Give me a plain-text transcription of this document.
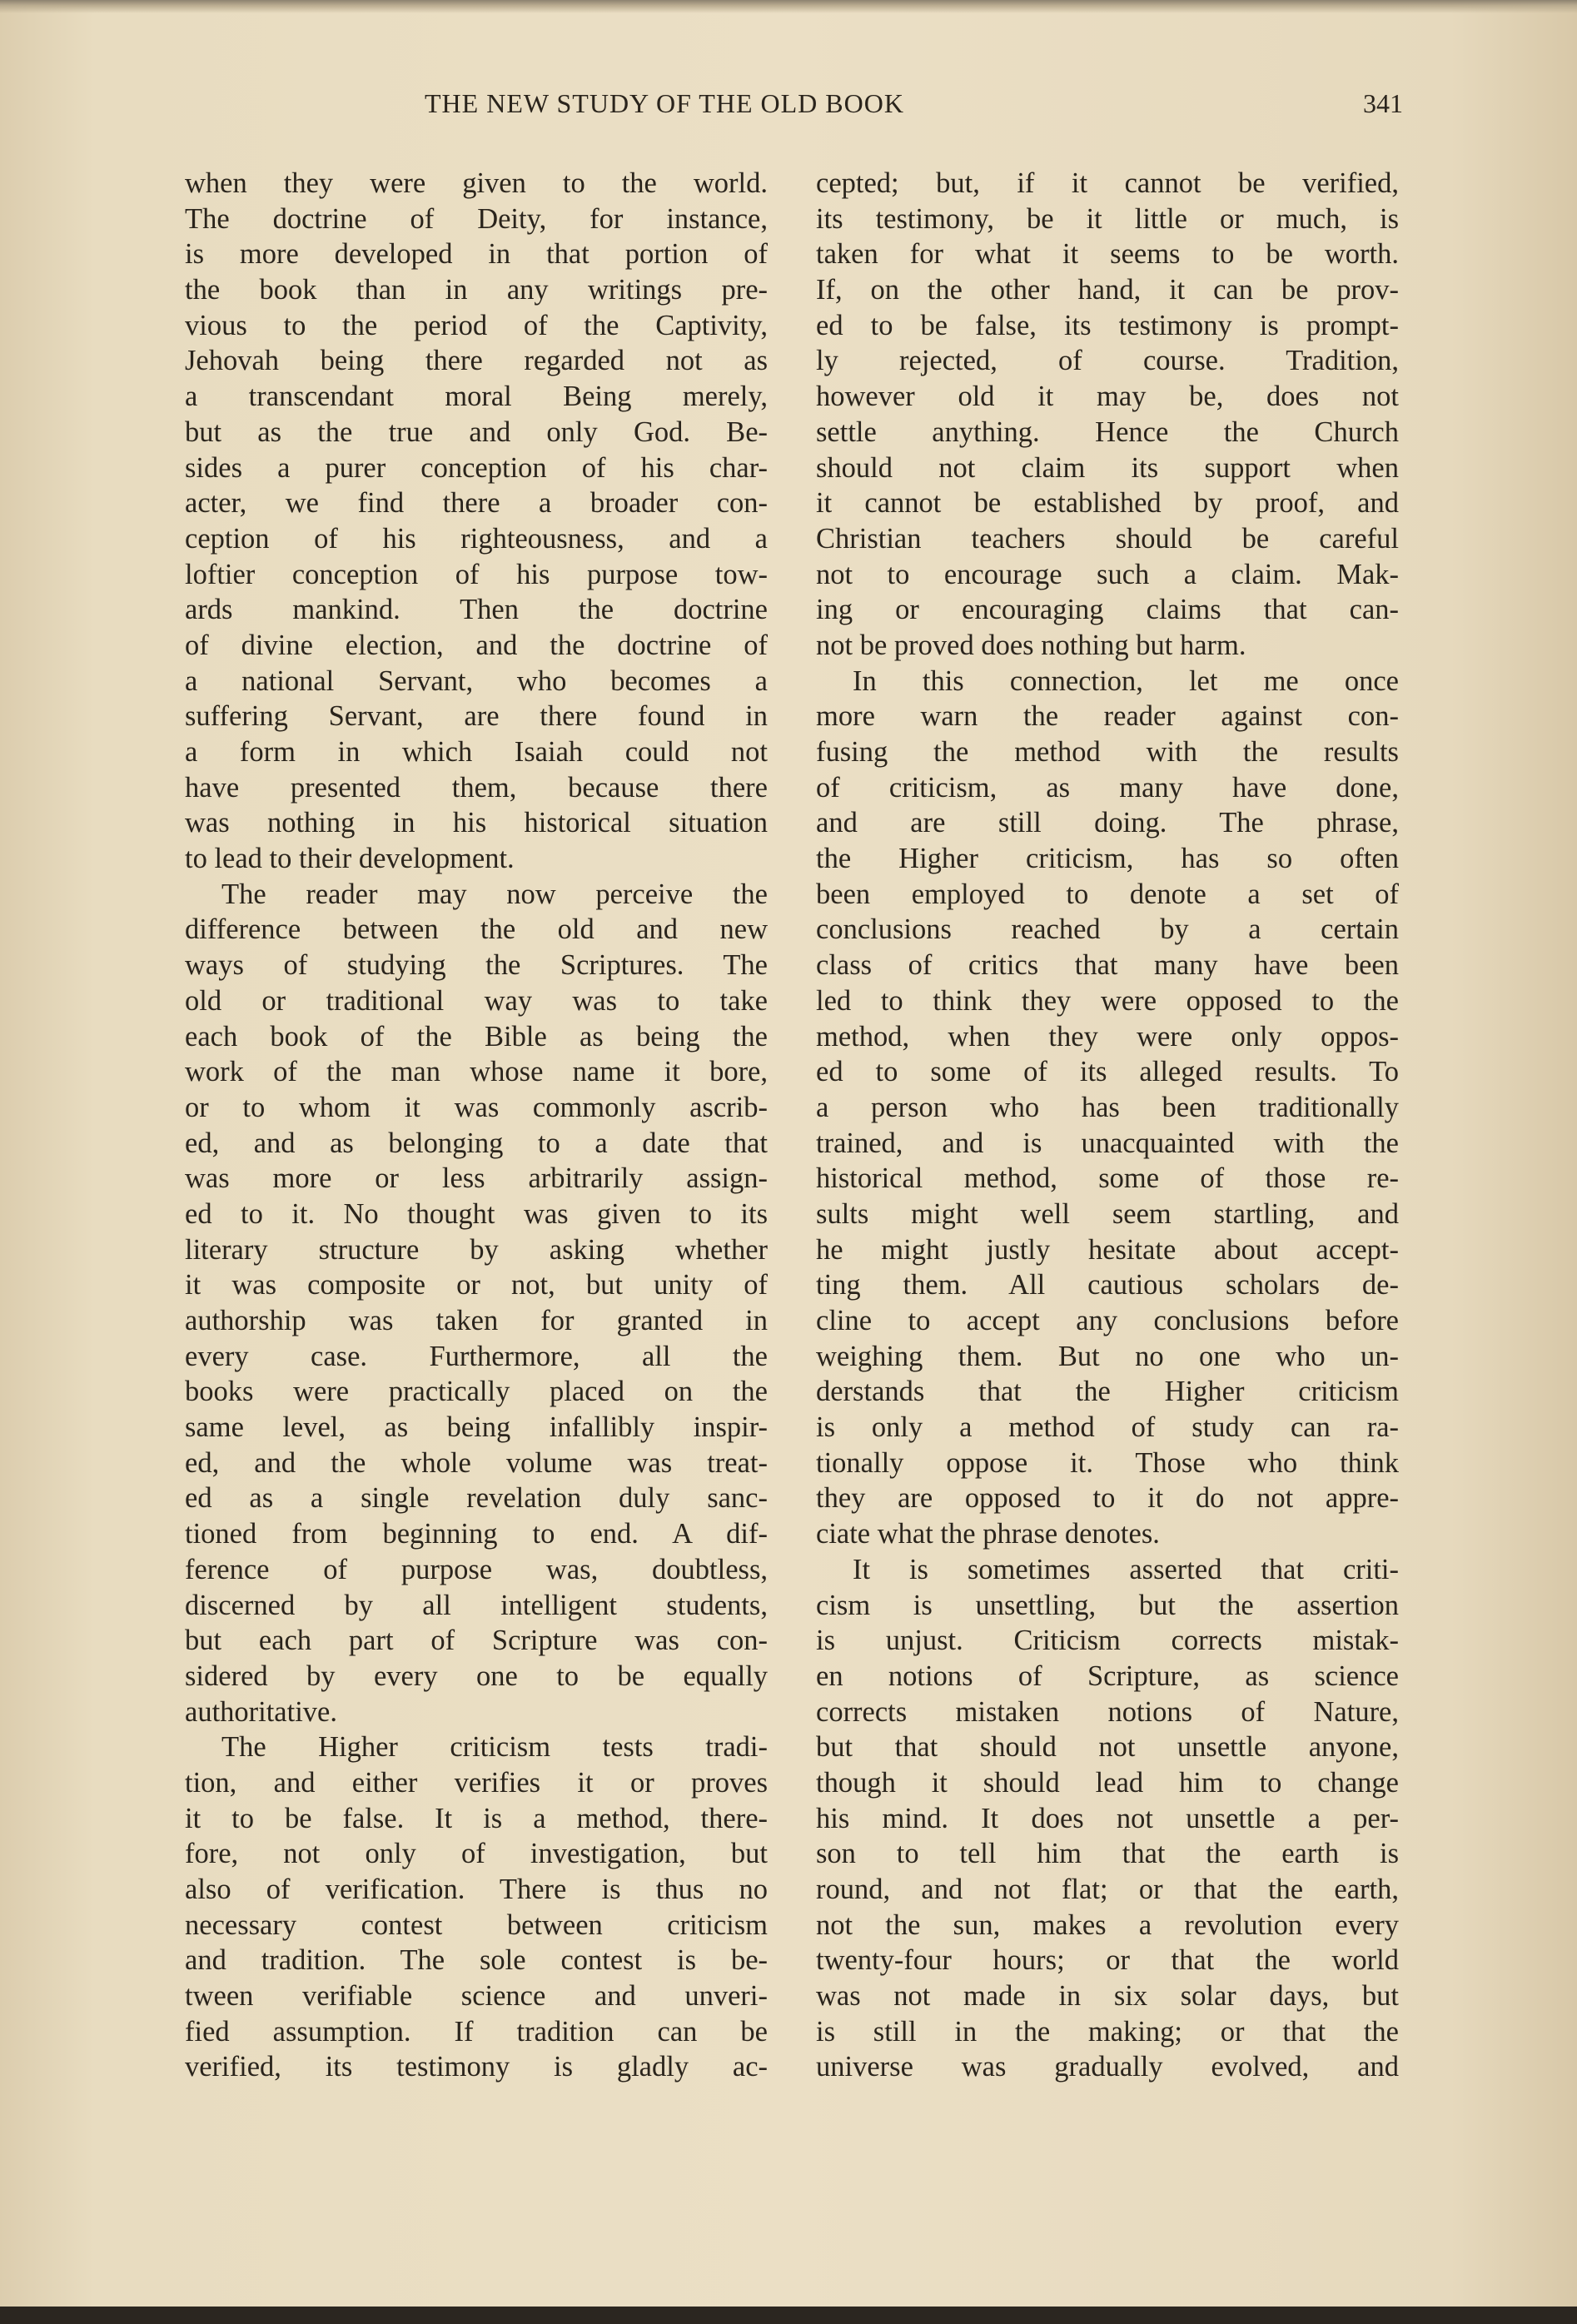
THE NEW STUDY OF THE OLD BOOK	341
when they were given to the world.
The doctrine of Deity, for instance,
is more developed in that portion of
the book than in any writings pre-
vious to the period of the Captivity,
Jehovah being there regarded not as
a transcendant moral Being merely,
but as the true and only God. Be-
sides a purer conception of his char-
acter, we find there a broader con-
ception of his righteousness, and a
loftier conception of his purpose tow-
ards mankind. Then the doctrine
of divine election, and the doctrine of
a national Servant, who becomes a
suffering Servant, are there found in
a form in which Isaiah could not
have presented them, because there
was nothing in his historical situation
to lead to their development.
The reader may now perceive the
difference between the old and new
ways of studying the Scriptures. The
old or traditional way was to take
each book of the Bible as being the
work of the man whose name it bore,
or to whom it was commonly ascrib-
ed, and as belonging to a date that
was more or less arbitrarily assign-
ed to it. No thought was given to its
literary structure by asking whether
it was composite or not, but unity of
authorship was taken for granted in
every case. Furthermore, all the
books were practically placed on the
same level, as being infallibly inspir-
ed, and the whole volume was treat-
ed as a single revelation duly sanc-
tioned from beginning to end. A dif-
ference of purpose was, doubtless,
discerned by all intelligent students,
but each part of Scripture was con-
sidered by every one to be equally
authoritative.
The Higher criticism tests tradi-
tion, and either verifies it or proves
it to be false. It is a method, there-
fore, not only of investigation, but
also of verification. There is thus no
necessary contest between criticism
and tradition. The sole contest is be-
tween verifiable science and unveri-
fied assumption. If tradition can be
verified, its testimony is gladly ac-
cepted; but, if it cannot be verified,
its testimony, be it little or much, is
taken for what it seems to be worth.
If, on the other hand, it can be prov-
ed to be false, its testimony is prompt-
ly rejected, of course. Tradition,
however old it may be, does not
settle anything. Hence the Church
should not claim its support when
it cannot be established by proof, and
Christian teachers should be careful
not to encourage such a claim. Mak-
ing or encouraging claims that can-
not be proved does nothing but harm.
In this connection, let me once
more warn the reader against con-
fusing the method with the results
of criticism, as many have done,
and are still doing. The phrase,
the Higher criticism, has so often
been employed to denote a set of
conclusions reached by a certain
class of critics that many have been
led to think they were opposed to the
method, when they were only oppos-
ed to some of its alleged results. To
a person who has been traditionally
trained, and is unacquainted with the
historical method, some of those re-
sults might well seem startling, and
he might justly hesitate about accept-
ting them. All cautious scholars de-
cline to accept any conclusions before
weighing them. But no one who un-
derstands that the Higher criticism
is only a method of study can ra-
tionally oppose it. Those who think
they are opposed to it do not appre-
ciate what the phrase denotes.
It is sometimes asserted that criti-
cism is unsettling, but the assertion
is unjust. Criticism corrects mistak-
en notions of Scripture, as science
corrects mistaken notions of Nature,
but that should not unsettle anyone,
though it should lead him to change
his mind. It does not unsettle a per-
son to tell him that the earth is
round, and not flat; or that the earth,
not the sun, makes a revolution every
twenty-four hours; or that the world
was not made in six solar days, but
is still in the making; or that the
universe was gradually evolved, and
